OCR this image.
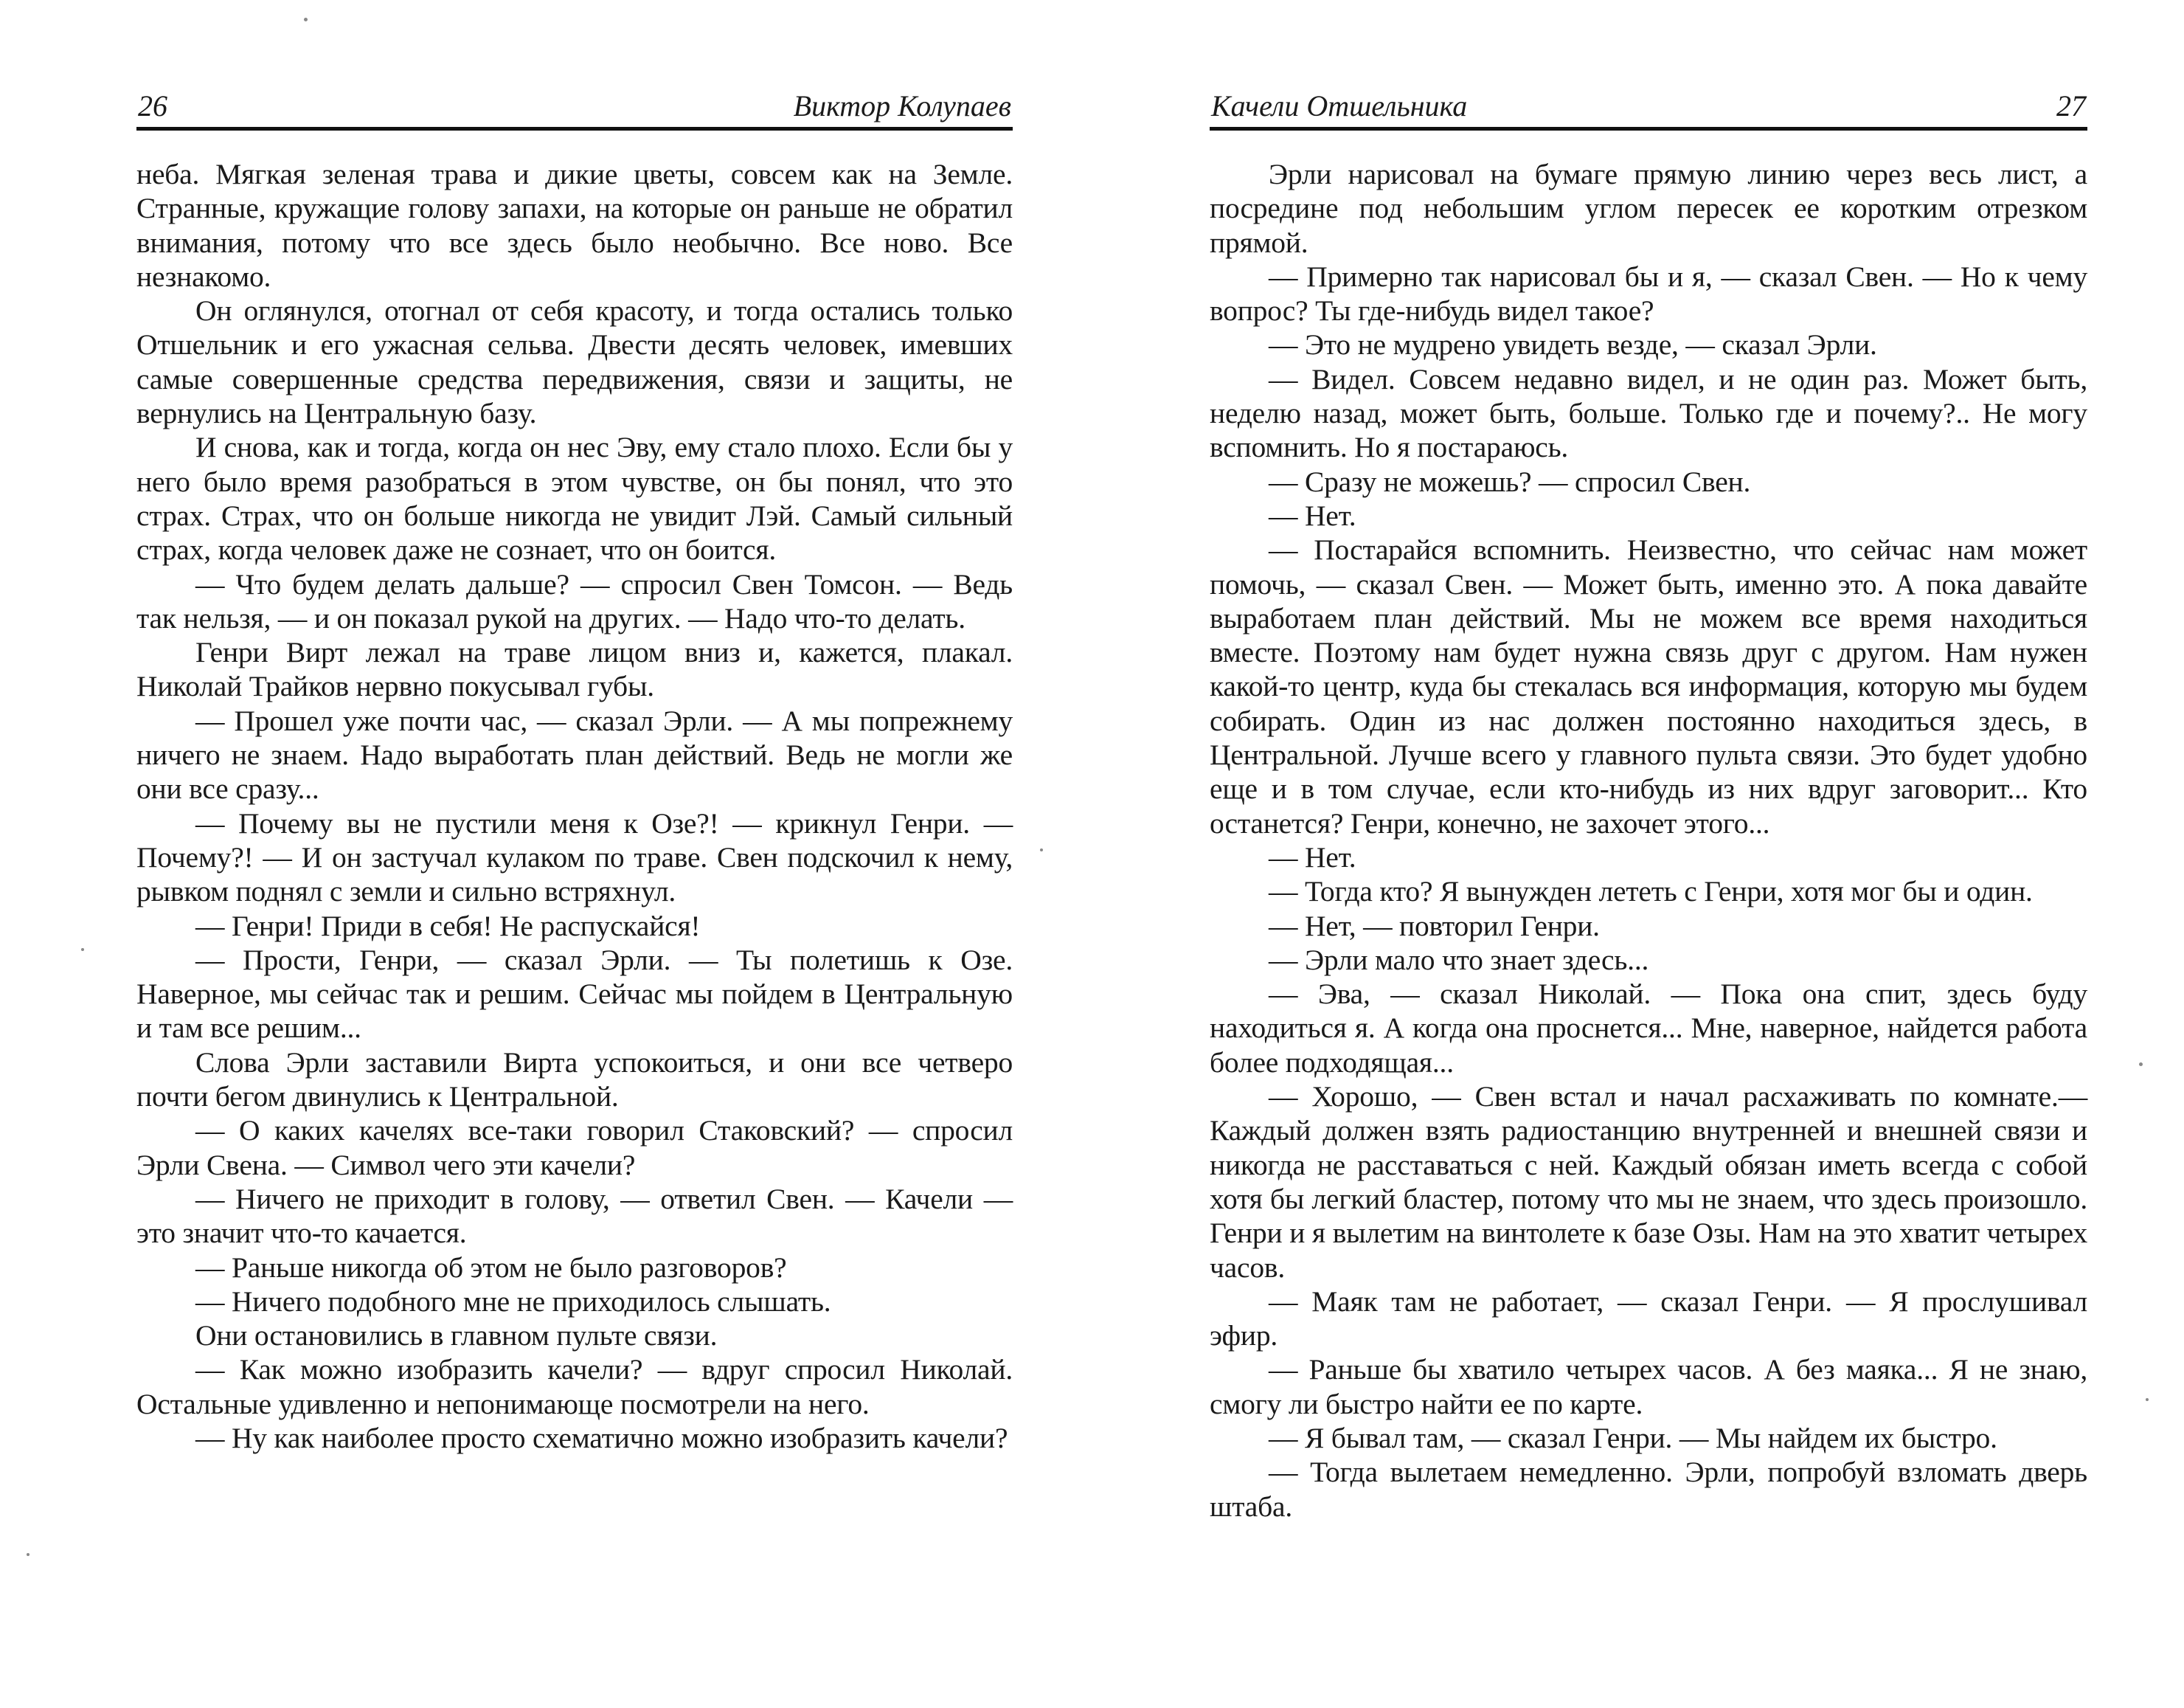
26	Виктор Колупаев

небa. Мягкая зеленая трава и дикие цветы, совсем как на Земле. Странные, кружащие голову запахи, на которые он раньше не обратил внимания, потому что все здесь было необычно. Все ново. Все незнакомо.

Он оглянулся, отогнал от себя красоту, и тогда остались только Отшельник и его ужасная сельва. Двести десять человек, имевших самые совершенные средства передвижения, связи и защиты, не вернулись на Центральную базу.

И снова, как и тогда, когда он нес Эву, ему стало плохо. Если бы у него было время разобраться в этом чувстве, он бы понял, что это страх. Страх, что он больше никогда не увидит Лэй. Самый сильный страх, когда человек даже не сознает, что он боится.

— Что будем делать дальше? — спросил Свен Томсон. — Ведь так нельзя, — и он показал рукой на других. — Надо что-то делать.

Генри Вирт лежал на траве лицом вниз и, кажется, плакал. Николай Трайков нервно покусывал губы.

— Прошел уже почти час, — сказал Эрли. — А мы попрежнему ничего не знаем. Надо выработать план действий. Ведь не могли же они все сразу...

— Почему вы не пустили меня к Озе?! — крикнул Генри. — Почему?! — И он застучал кулаком по траве. Свен подскочил к нему, рывком поднял с земли и сильно встряхнул.

— Генри! Приди в себя! Не распускайся!

— Прости, Генри, — сказал Эрли. — Ты полетишь к Озе. Наверное, мы сейчас так и решим. Сейчас мы пойдем в Центральную и там все решим...

Слова Эрли заставили Вирта успокоиться, и они все четверо почти бегом двинулись к Центральной.

— О каких качелях все-таки говорил Стаковский? — спросил Эрли Свена. — Символ чего эти качели?

— Ничего не приходит в голову, — ответил Свен. — Качели — это значит что-то качается.

— Раньше никогда об этом не было разговоров?

— Ничего подобного мне не приходилось слышать.

Они остановились в главном пульте связи.

— Как можно изобразить качели? — вдруг спросил Николай. Остальные удивленно и непонимающе посмотрели на него.

— Ну как наиболее просто схематично можно изобразить качели?

Качели Отшельника	27

Эрли нарисовал на бумаге прямую линию через весь лист, а посредине под небольшим углом пересек ее коротким отрезком прямой.

— Примерно так нарисовал бы и я, — сказал Свен. — Но к чему вопрос? Ты где-нибудь видел такое?

— Это не мудрено увидеть везде, — сказал Эрли.

— Видел. Совсем недавно видел, и не один раз. Может быть, неделю назад, может быть, больше. Только где и почему?.. Не могу вспомнить. Но я постараюсь.

— Сразу не можешь? — спросил Свен.

— Нет.

— Постарайся вспомнить. Неизвестно, что сейчас нам может помочь, — сказал Свен. — Может быть, именно это. А пока давайте выработаем план действий. Мы не можем все время находиться вместе. Поэтому нам будет нужна связь друг с другом. Нам нужен какой-то центр, куда бы стекалась вся информация, которую мы будем собирать. Один из нас должен постоянно находиться здесь, в Центральной. Лучше всего у главного пульта связи. Это будет удобно еще и в том случае, если кто-нибудь из них вдруг заговорит... Кто останется? Генри, конечно, не захочет этого...

— Нет.

— Тогда кто? Я вынужден лететь с Генри, хотя мог бы и один.

— Нет, — повторил Генри.

— Эрли мало что знает здесь...

— Эва, — сказал Николай. — Пока она спит, здесь буду находиться я. А когда она проснется... Мне, наверное, найдется работа более подходящая...

— Хорошо, — Свен встал и начал расхаживать по комнате.— Каждый должен взять радиостанцию внутренней и внешней связи и никогда не расставаться с ней. Каждый обязан иметь всегда с собой хотя бы легкий бластер, потому что мы не знаем, что здесь произошло. Генри и я вылетим на винтолете к базе Озы. Нам на это хватит четырех часов.

— Маяк там не работает, — сказал Генри. — Я прослушивал эфир.

— Раньше бы хватило четырех часов. А без маяка... Я не знаю, смогу ли быстро найти ее по карте.

— Я бывал там, — сказал Генри. — Мы найдем их быстро.

— Тогда вылетаем немедленно. Эрли, попробуй взломать дверь штаба.
